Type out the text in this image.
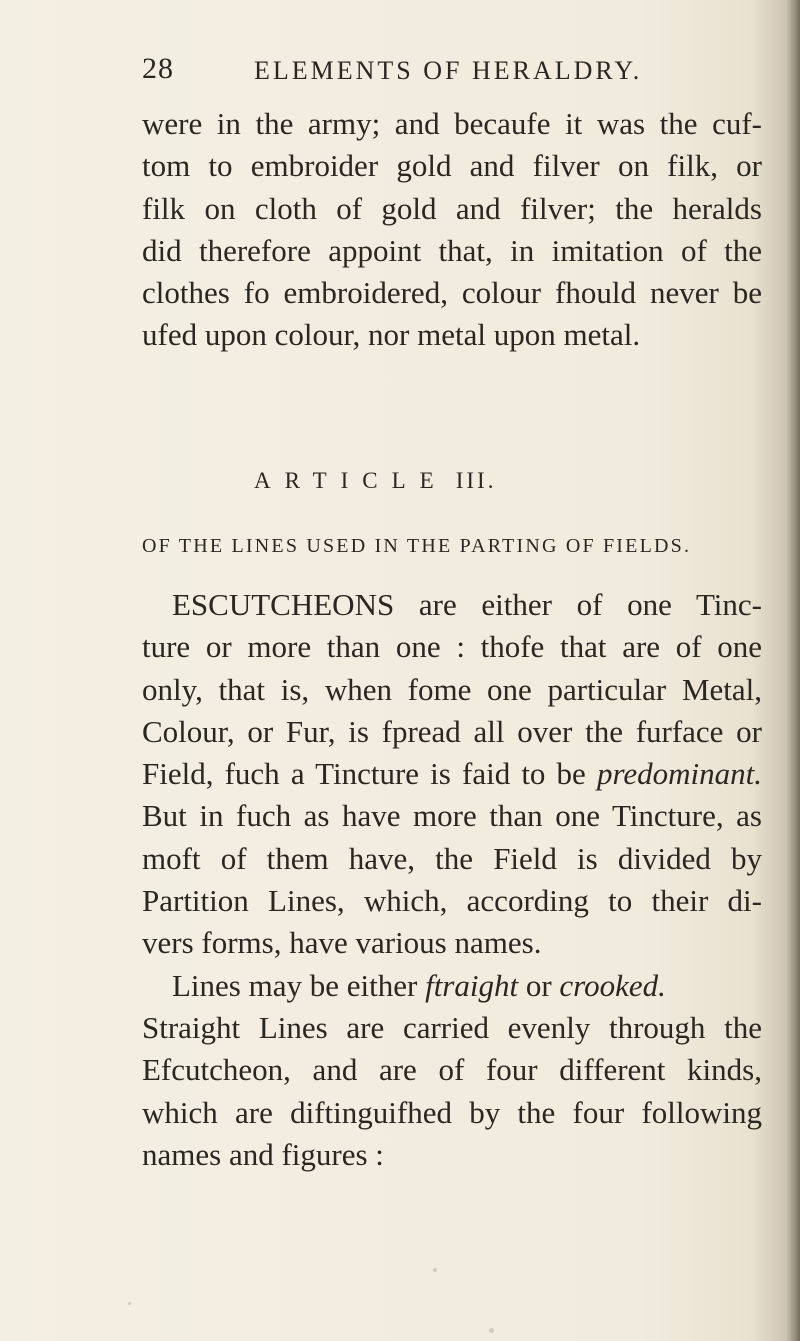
28	ELEMENTS OF HERALDRY.
were in the army; and becaufe it was the cuf-
tom to embroider gold and filver on filk, or
filk on cloth of gold and filver; the heralds
did therefore appoint that, in imitation of the
clothes fo embroidered, colour fhould never be
ufed upon colour, nor metal upon metal.
ARTICLE III.
OF THE LINES USED IN THE PARTING OF FIELDS.
ESCUTCHEONS are either of one Tinc-
ture or more than one : thofe that are of one
only, that is, when fome one particular Metal,
Colour, or Fur, is fpread all over the furface or
Field, fuch a Tincture is faid to be predominant.
But in fuch as have more than one Tincture, as
moft of them have, the Field is divided by
Partition Lines, which, according to their di-
vers forms, have various names.
Lines may be either ftraight or crooked.
Straight Lines are carried evenly through the
Efcutcheon, and are of four different kinds,
which are diftinguifhed by the four following
names and figures :
